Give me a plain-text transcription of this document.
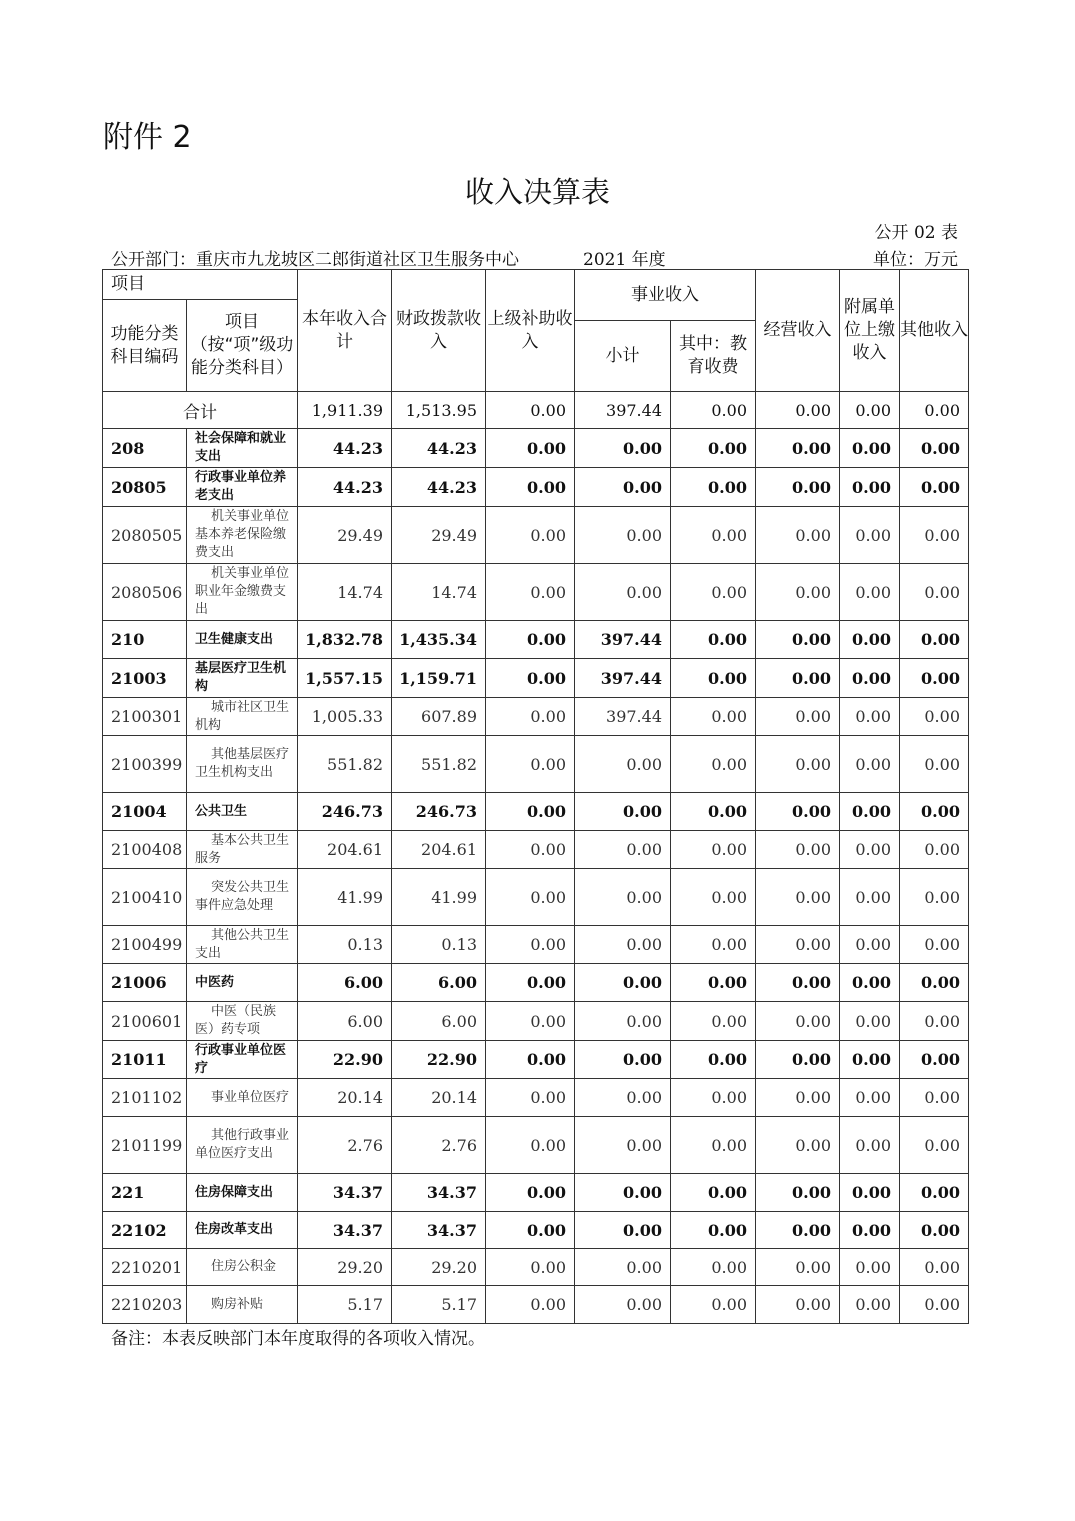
附件 2
收入决算表
公开 02 表
公开部门：重庆市九龙坡区二郎街道社区卫生服务中心	2021 年度	单位：万元
项目		本年收入合计	财政拨款收入	上级补助收入	事业收入		经营收入	附属单位上缴收入	其他收入
功能分类科目编码	项目（按“项”级功能分类科目）								
					小计	其中：教育收费			
合计		1,911.39	1,513.95	0.00	397.44	0.00	0.00	0.00	0.00
208	社会保障和就业支出	44.23	44.23	0.00	0.00	0.00	0.00	0.00	0.00
20805	行政事业单位养老支出	44.23	44.23	0.00	0.00	0.00	0.00	0.00	0.00
2080505	机关事业单位基本养老保险缴费支出	29.49	29.49	0.00	0.00	0.00	0.00	0.00	0.00
2080506	机关事业单位职业年金缴费支出	14.74	14.74	0.00	0.00	0.00	0.00	0.00	0.00
210	卫生健康支出	1,832.78	1,435.34	0.00	397.44	0.00	0.00	0.00	0.00
21003	基层医疗卫生机构	1,557.15	1,159.71	0.00	397.44	0.00	0.00	0.00	0.00
2100301	城市社区卫生机构	1,005.33	607.89	0.00	397.44	0.00	0.00	0.00	0.00
2100399	其他基层医疗卫生机构支出	551.82	551.82	0.00	0.00	0.00	0.00	0.00	0.00
21004	公共卫生	246.73	246.73	0.00	0.00	0.00	0.00	0.00	0.00
2100408	基本公共卫生服务	204.61	204.61	0.00	0.00	0.00	0.00	0.00	0.00
2100410	突发公共卫生事件应急处理	41.99	41.99	0.00	0.00	0.00	0.00	0.00	0.00
2100499	其他公共卫生支出	0.13	0.13	0.00	0.00	0.00	0.00	0.00	0.00
21006	中医药	6.00	6.00	0.00	0.00	0.00	0.00	0.00	0.00
2100601	中医（民族医）药专项	6.00	6.00	0.00	0.00	0.00	0.00	0.00	0.00
21011	行政事业单位医疗	22.90	22.90	0.00	0.00	0.00	0.00	0.00	0.00
2101102	事业单位医疗	20.14	20.14	0.00	0.00	0.00	0.00	0.00	0.00
2101199	其他行政事业单位医疗支出	2.76	2.76	0.00	0.00	0.00	0.00	0.00	0.00
221	住房保障支出	34.37	34.37	0.00	0.00	0.00	0.00	0.00	0.00
22102	住房改革支出	34.37	34.37	0.00	0.00	0.00	0.00	0.00	0.00
2210201	住房公积金	29.20	29.20	0.00	0.00	0.00	0.00	0.00	0.00
2210203	购房补贴	5.17	5.17	0.00	0.00	0.00	0.00	0.00	0.00
备注：本表反映部门本年度取得的各项收入情况。
